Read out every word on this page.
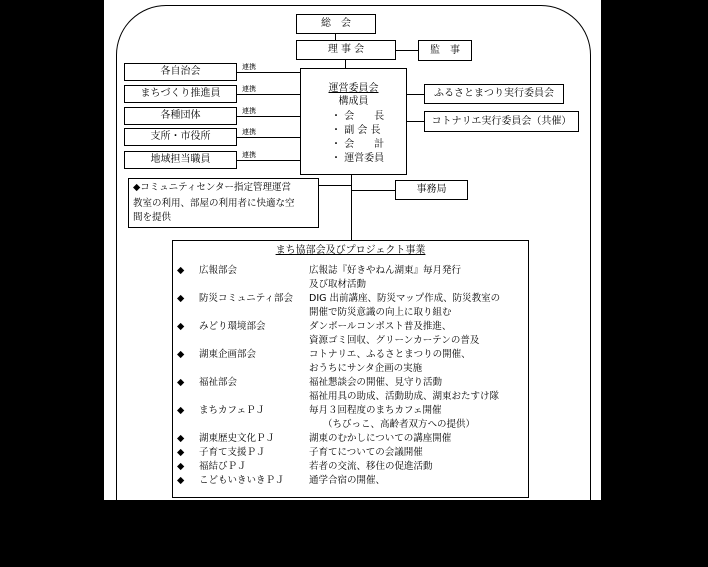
総　会
理 事 会	監　事
運営委員会
構成員
・ 会　　長
・ 副 会 長
・ 会　　計
・ 運営委員
各自治会	連携
まちづくり推進員	連携
各種団体	連携
支所・市役所	連携
地域担当職員	連携
ふるさとまつり実行委員会
コトナリエ実行委員会（共催）
事務局
◆コミュニティセンター指定管理運営
教室の利用、部屋の利用者に快適な空
間を提供
まち協部会及びプロジェクト事業
◆ 広報部会	広報誌『好きやねん湖東』毎月発行
及び取材活動
◆ 防災コミュニティ部会 DIG 出前講座、防災マップ作成、防災教室の
開催で防災意識の向上に取り組む
◆ みどり環境部会	ダンボールコンポスト普及推進、
資源ゴミ回収、グリーンカーテンの普及
◆ 湖東企画部会	コトナリエ、ふるさとまつりの開催、
おうちにサンタ企画の実施
◆ 福祉部会	福祉懇談会の開催、見守り活動
福祉用具の助成、活動助成、湖東おたすけ隊
◆ まちカフェＰＪ	毎月３回程度のまちカフェ開催
（ちびっこ、高齢者双方への提供）
◆ 湖東歴史文化ＰＪ	湖東のむかしについての講座開催
◆ 子育て支援ＰＪ	子育てについての会議開催
◆ 福結びＰＪ	若者の交流、移住の促進活動
◆ こどもいきいきＰＪ	通学合宿の開催、
